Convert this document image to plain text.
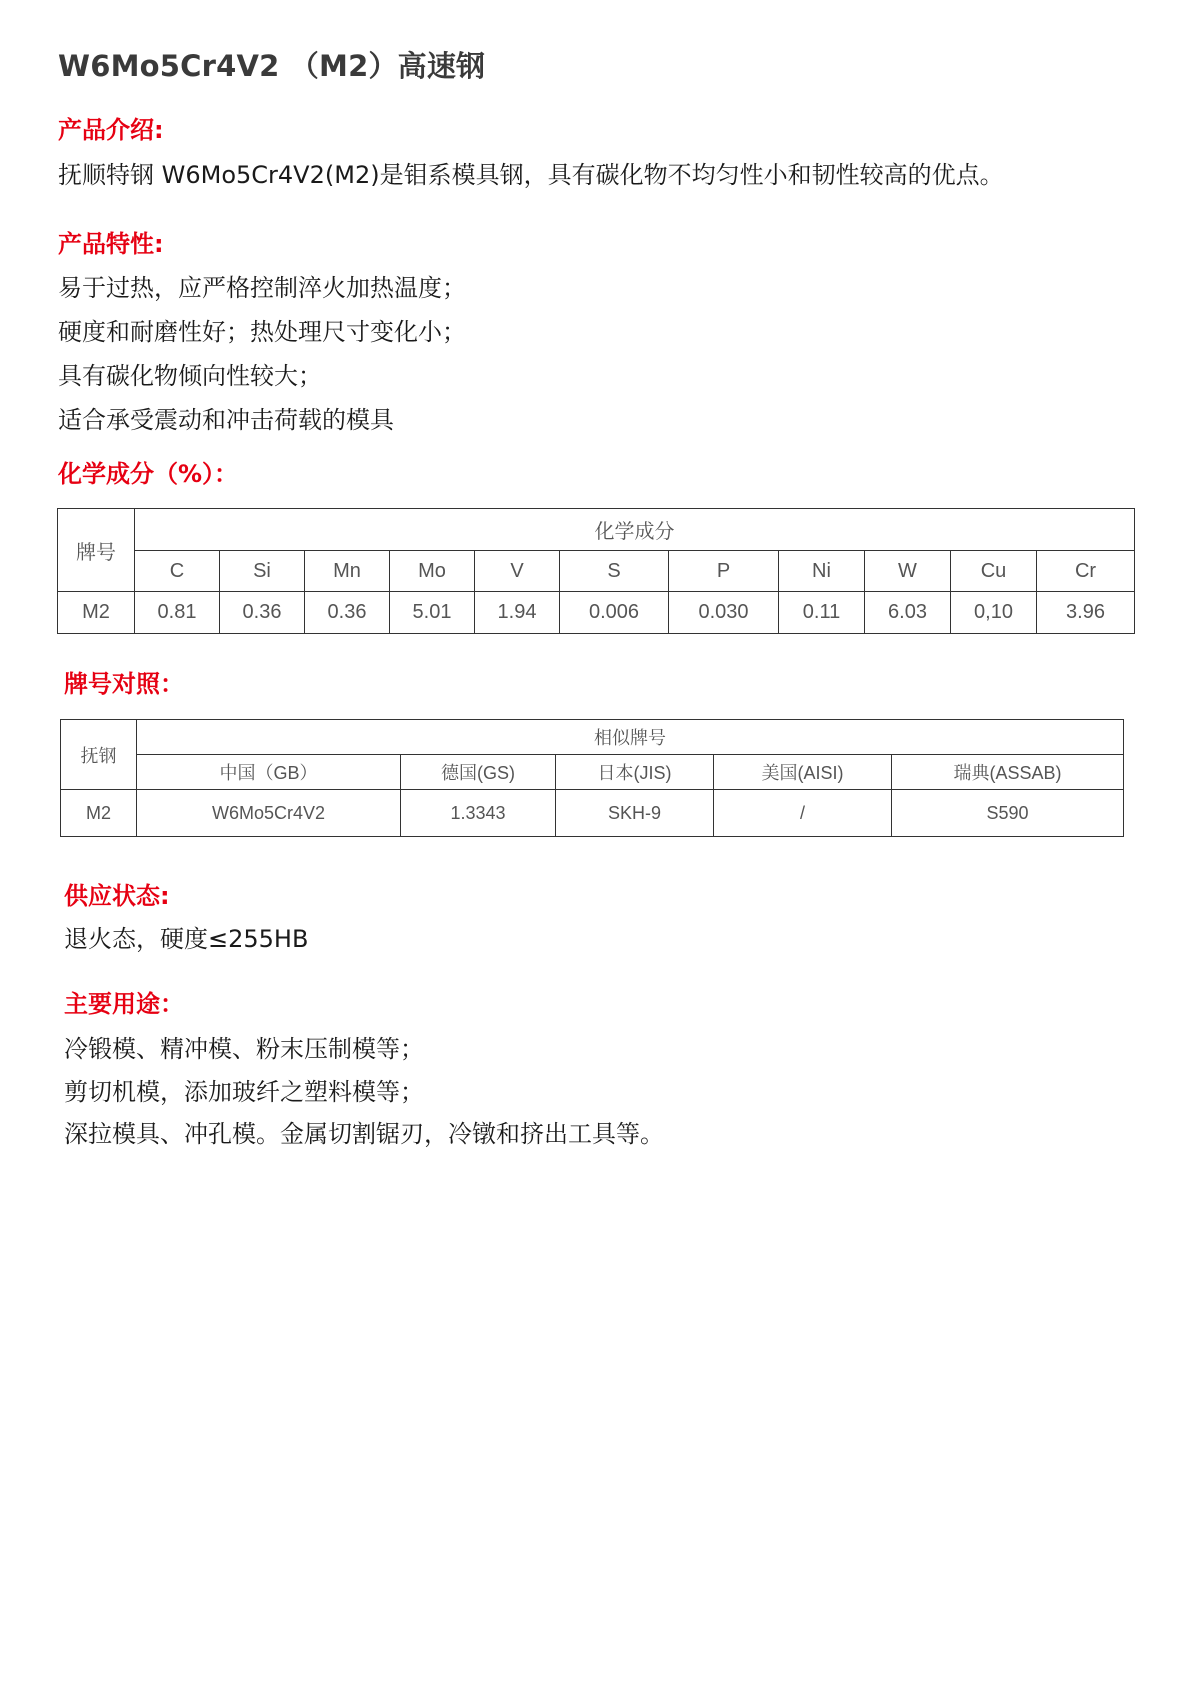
W6Mo5Cr4V2 （M2）高速钢
产品介绍:
抚顺特钢 W6Mo5Cr4V2(M2)是钼系模具钢，具有碳化物不均匀性小和韧性较高的优点。
产品特性:
易于过热，应严格控制淬火加热温度；
硬度和耐磨性好；热处理尺寸变化小；
具有碳化物倾向性较大；
适合承受震动和冲击荷载的模具
化学成分（%）：
牌号	化学成分										
	C	Si	Mn	Mo	V	S	P	Ni	W	Cu	Cr
M2	0.81	0.36	0.36	5.01	1.94	0.006	0.030	0.11	6.03	0,10	3.96
牌号对照：
抚钢	相似牌号				
	中国（GB）	德国(GS)	日本(JIS)	美国(AISI)	瑞典(ASSAB)
M2	W6Mo5Cr4V2	1.3343	SKH-9	/	S590
供应状态:
退火态，硬度≤255HB
主要用途：
冷锻模、精冲模、粉末压制模等；
剪切机模，添加玻纤之塑料模等；
深拉模具、冲孔模。金属切割锯刃，冷镦和挤出工具等。
